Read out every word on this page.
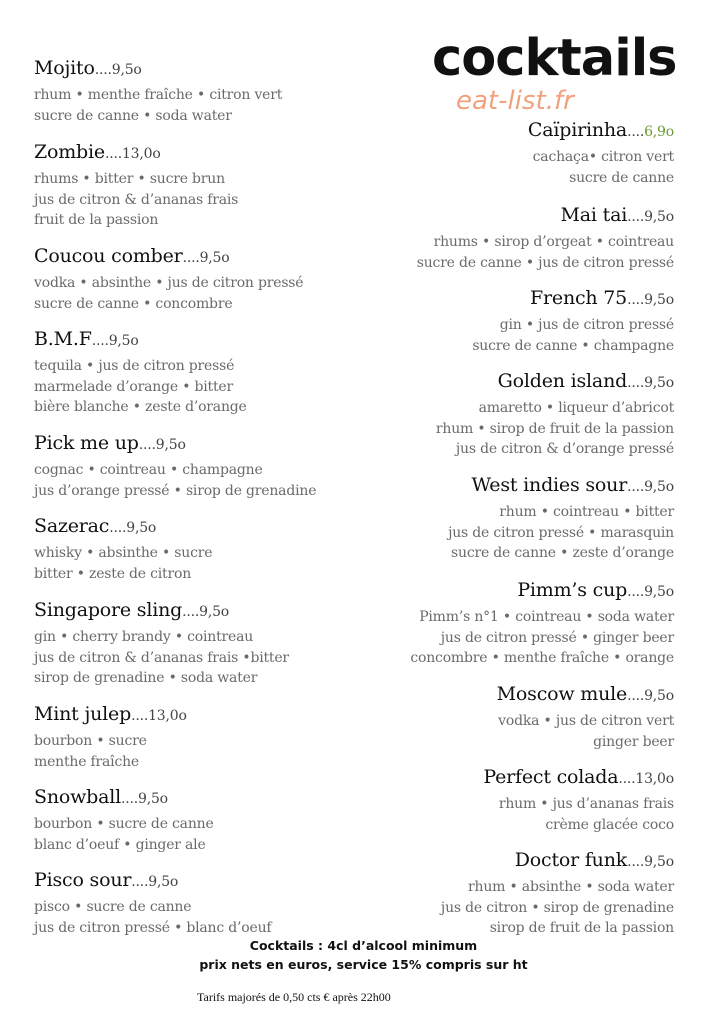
cocktails
eat-list.fr
Mojito....9,5o
rhum • menthe fraîche • citron vert
sucre de canne • soda water
Zombie....13,0o
rhums • bitter • sucre brun
jus de citron & d’ananas frais
fruit de la passion
Coucou comber....9,5o
vodka • absinthe • jus de citron pressé
sucre de canne • concombre
B.M.F....9,5o
tequila • jus de citron pressé
marmelade d’orange • bitter
bière blanche • zeste d’orange
Pick me up....9,5o
cognac • cointreau • champagne
jus d’orange pressé • sirop de grenadine
Sazerac....9,5o
whisky • absinthe • sucre
bitter • zeste de citron
Singapore sling....9,5o
gin • cherry brandy • cointreau
jus de citron & d’ananas frais •bitter
sirop de grenadine • soda water
Mint julep....13,0o
bourbon • sucre
menthe fraîche
Snowball....9,5o
bourbon • sucre de canne
blanc d’oeuf • ginger ale
Pisco sour....9,5o
pisco • sucre de canne
jus de citron pressé • blanc d’oeuf
Caïpirinha....6,9o
cachaça• citron vert
sucre de canne
Mai tai....9,5o
rhums • sirop d’orgeat • cointreau
sucre de canne • jus de citron pressé
French 75....9,5o
gin • jus de citron pressé
sucre de canne • champagne
Golden island....9,5o
amaretto • liqueur d’abricot
rhum • sirop de fruit de la passion
jus de citron & d’orange pressé
West indies sour....9,5o
rhum • cointreau • bitter
jus de citron pressé • marasquin
sucre de canne • zeste d’orange
Pimm’s cup....9,5o
Pimm’s n°1 • cointreau • soda water
jus de citron pressé • ginger beer
concombre • menthe fraîche • orange
Moscow mule....9,5o
vodka • jus de citron vert
ginger beer
Perfect colada....13,0o
rhum • jus d’ananas frais
crème glacée coco
Doctor funk....9,5o
rhum • absinthe • soda water
jus de citron • sirop de grenadine
sirop de fruit de la passion
Cocktails : 4cl d’alcool minimum
prix nets en euros, service 15% compris sur ht
Tarifs majorés de 0,50 cts € après 22h00
